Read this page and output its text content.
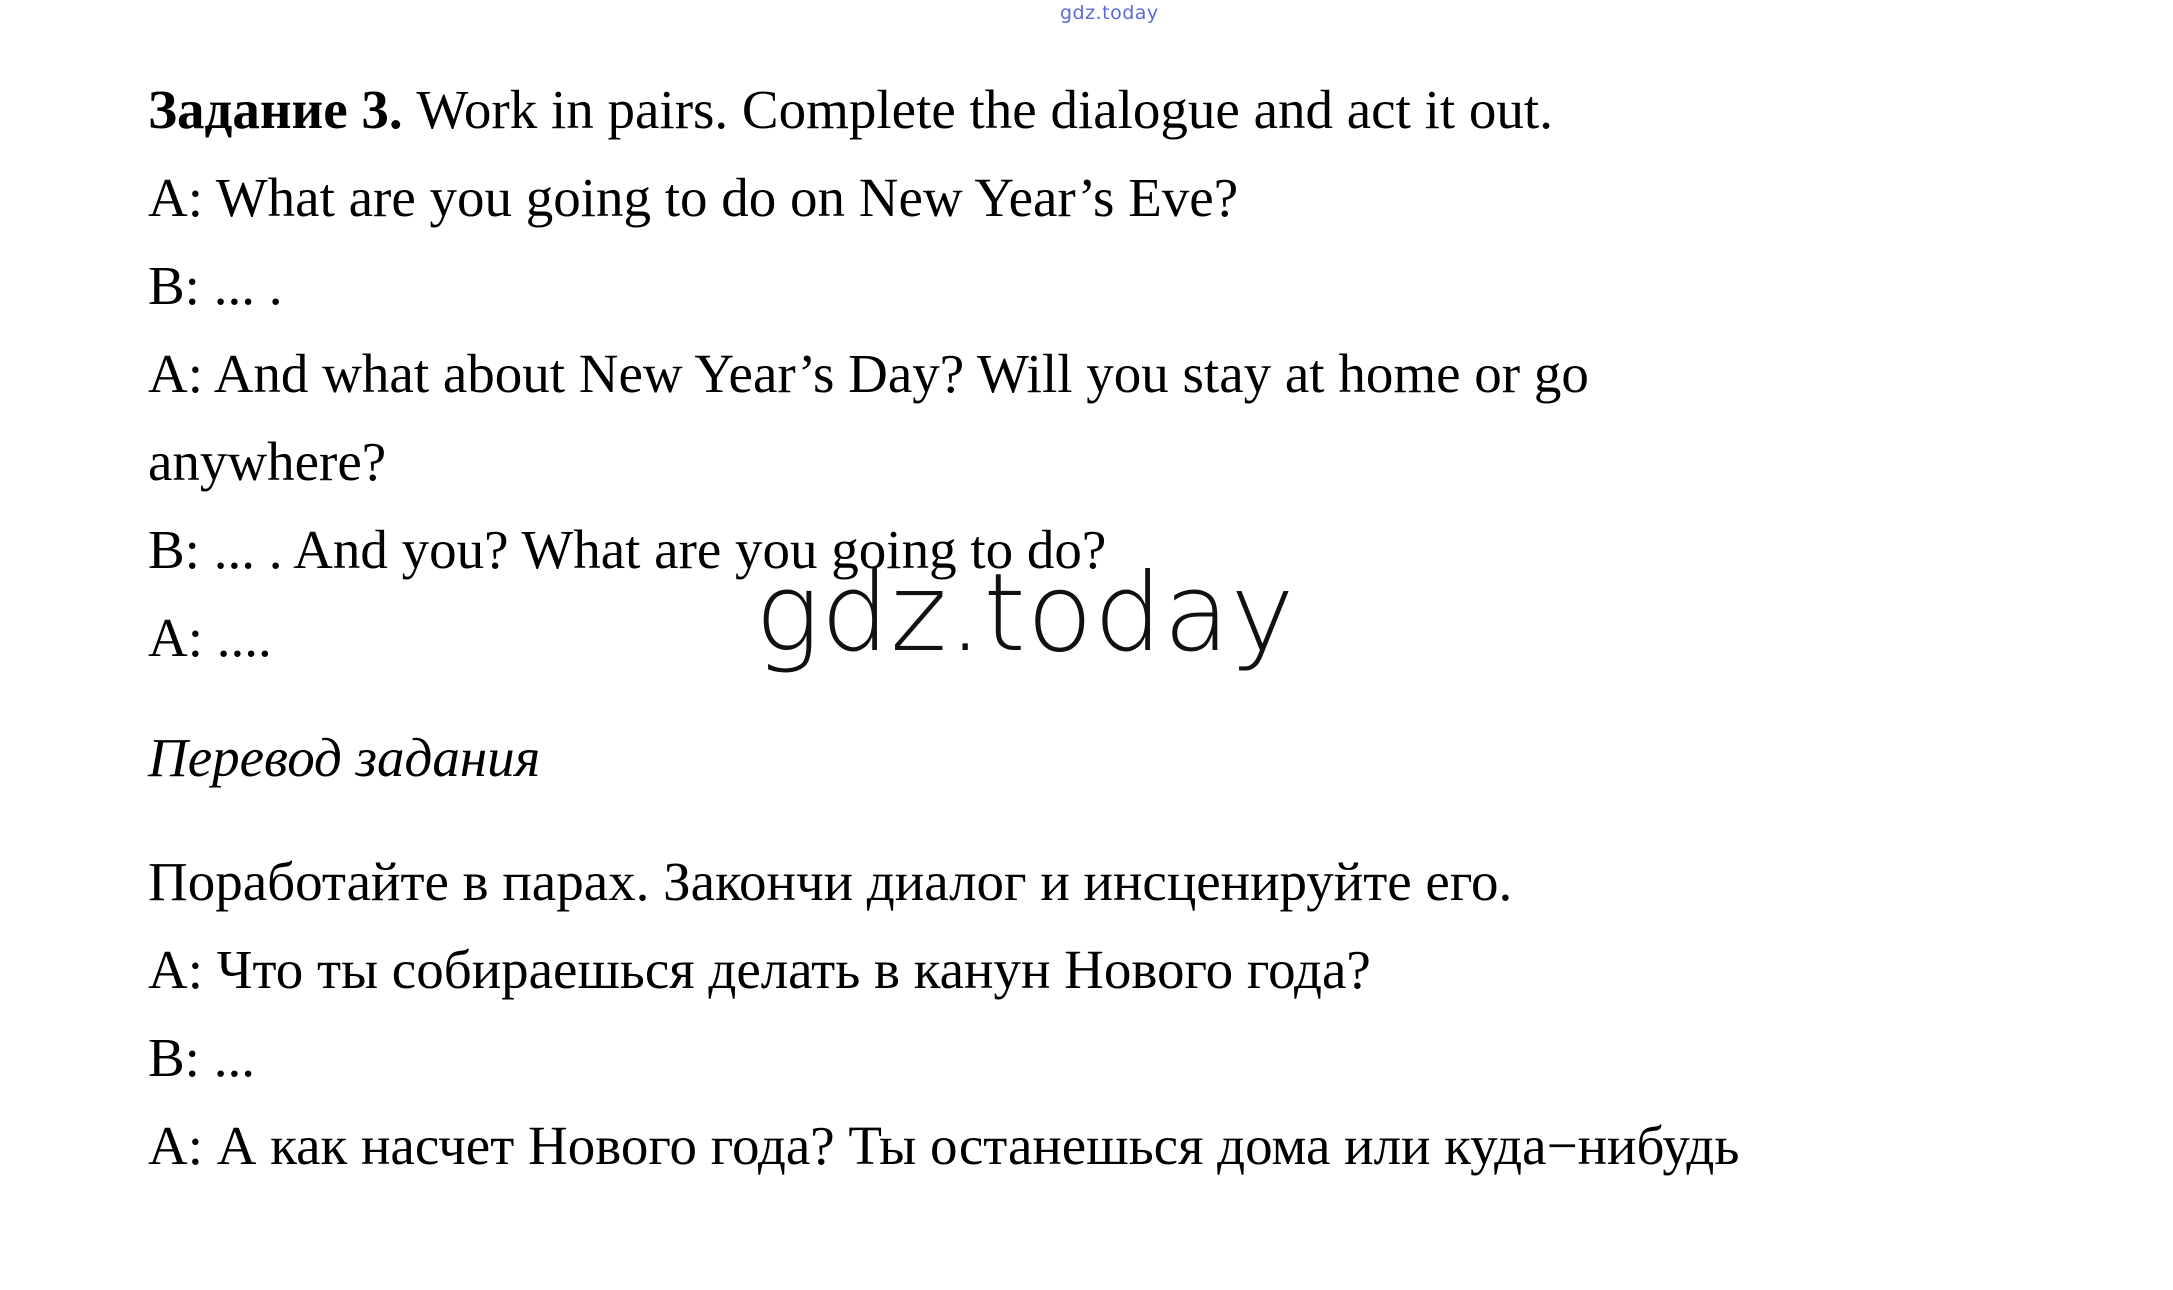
gdz.today

Задание 3. Work in pairs. Complete the dialogue and act it out.

A: What are you going to do on New Year’s Eve?

B: ... .

A: And what about New Year’s Day? Will you stay at home or go

anywhere?

B: ... . And you? What are you going to do?

A: ....

Перевод задания

Поработайте в парах. Закончи диалог и инсценируйте его.

A: Что ты собираешься делать в канун Нового года?

B: ...

A: А как насчет Нового года? Ты останешься дома или куда−нибудь

gdz.today
